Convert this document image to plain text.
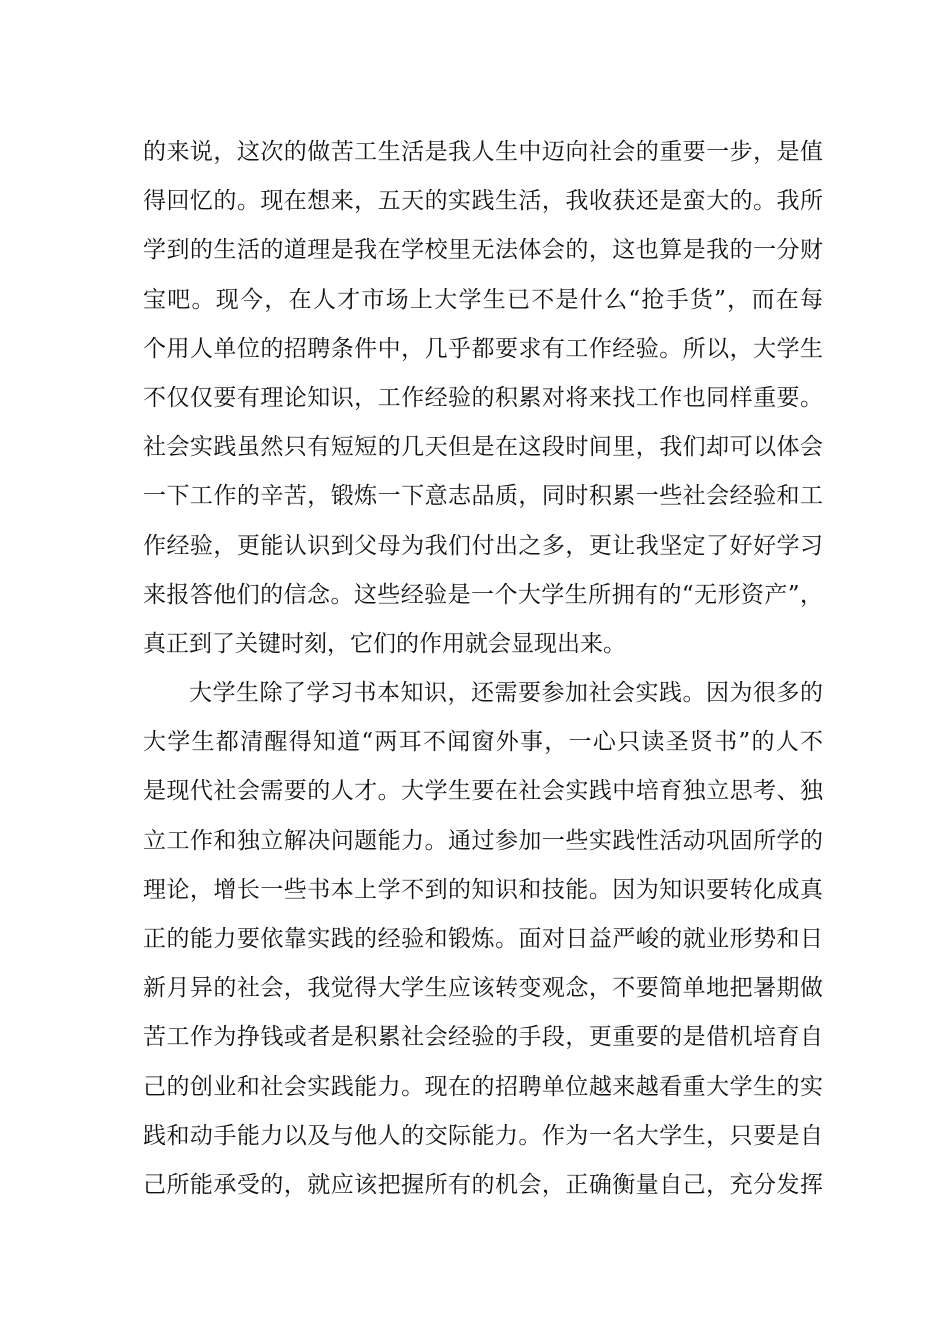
的来说，这次的做苦工生活是我人生中迈向社会的重要一步，是值
得回忆的。现在想来，五天的实践生活，我收获还是蛮大的。我所
学到的生活的道理是我在学校里无法体会的，这也算是我的一分财
宝吧。现今，在人才市场上大学生已不是什么“抢手货”，而在每
个用人单位的招聘条件中，几乎都要求有工作经验。所以，大学生
不仅仅要有理论知识，工作经验的积累对将来找工作也同样重要。
社会实践虽然只有短短的几天但是在这段时间里，我们却可以体会
一下工作的辛苦，锻炼一下意志品质，同时积累一些社会经验和工
作经验，更能认识到父母为我们付出之多，更让我坚定了好好学习
来报答他们的信念。这些经验是一个大学生所拥有的“无形资产”，
真正到了关键时刻，它们的作用就会显现出来。
大学生除了学习书本知识，还需要参加社会实践。因为很多的
大学生都清醒得知道“两耳不闻窗外事，一心只读圣贤书”的人不
是现代社会需要的人才。大学生要在社会实践中培育独立思考、独
立工作和独立解决问题能力。通过参加一些实践性活动巩固所学的
理论，增长一些书本上学不到的知识和技能。因为知识要转化成真
正的能力要依靠实践的经验和锻炼。面对日益严峻的就业形势和日
新月异的社会，我觉得大学生应该转变观念，不要简单地把暑期做
苦工作为挣钱或者是积累社会经验的手段，更重要的是借机培育自
己的创业和社会实践能力。现在的招聘单位越来越看重大学生的实
践和动手能力以及与他人的交际能力。作为一名大学生，只要是自
己所能承受的，就应该把握所有的机会，正确衡量自己，充分发挥
